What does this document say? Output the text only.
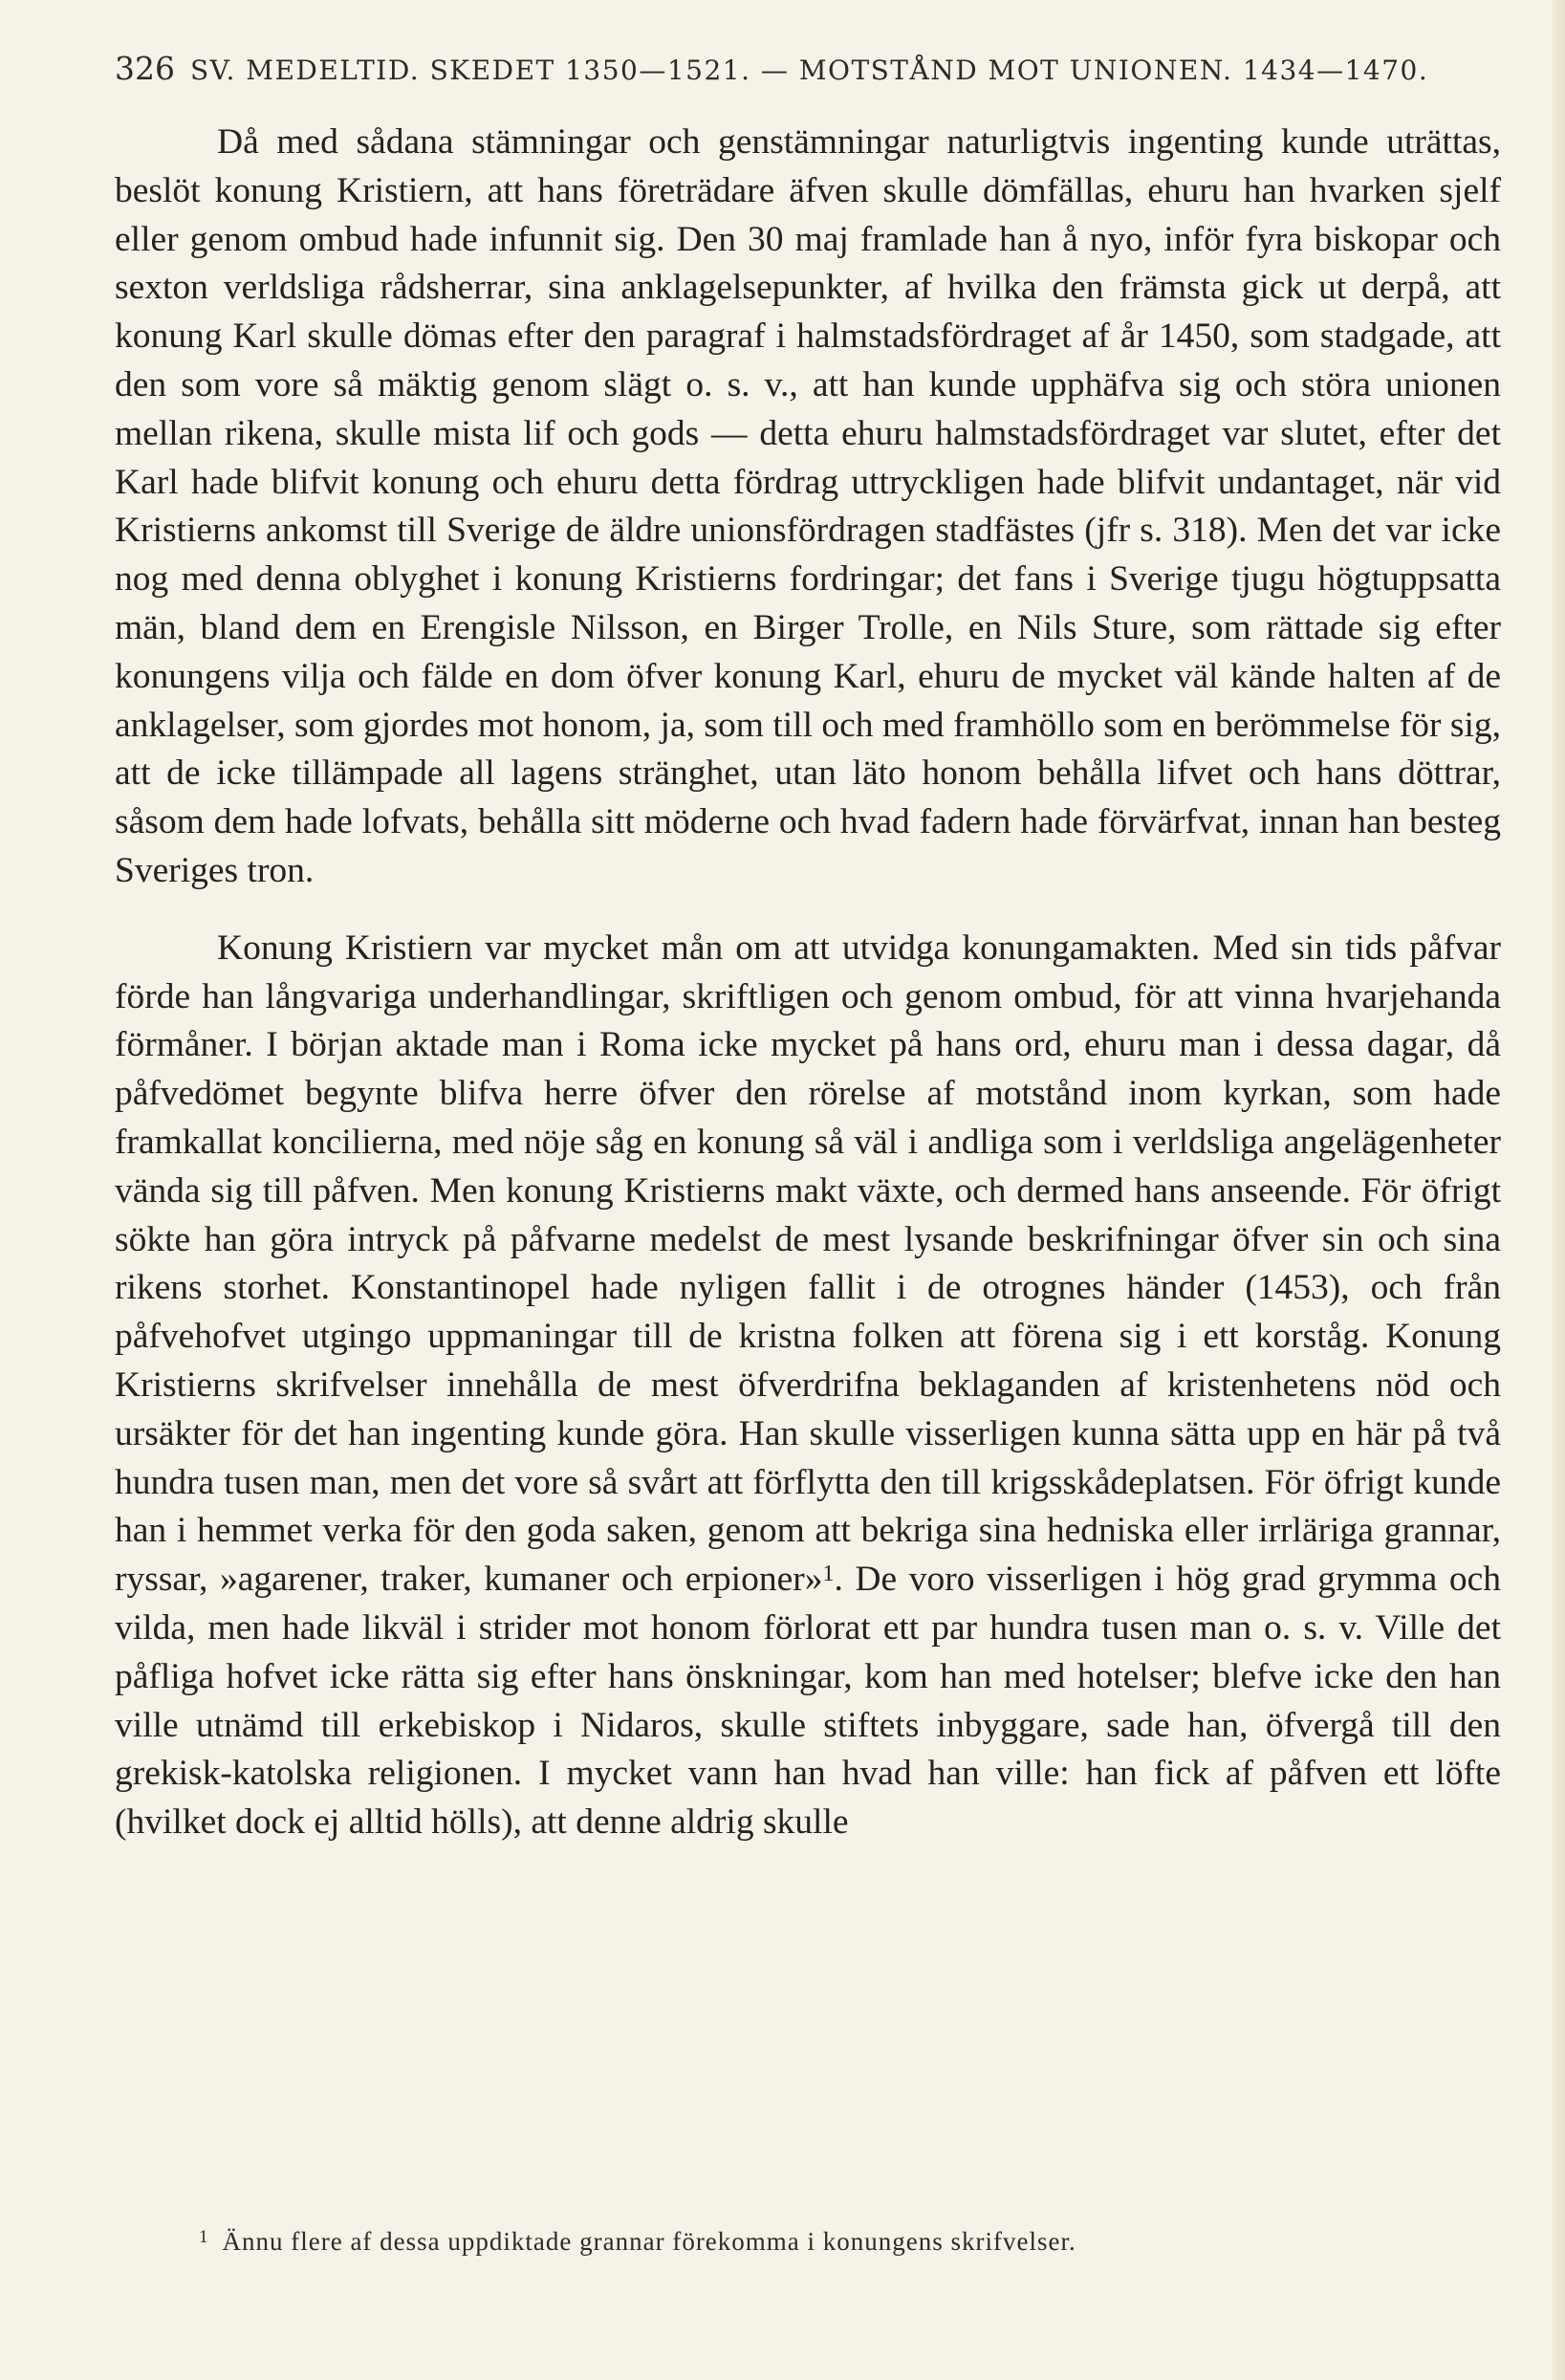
326 SV. MEDELTID. SKEDET 1350—1521. — MOTSTÅND MOT UNIONEN. 1434—1470.

Då med sådana stämningar och genstämningar naturligtvis ingenting kunde uträttas, beslöt konung Kristiern, att hans företrädare äfven skulle dömfällas, ehuru han hvarken sjelf eller genom ombud hade infunnit sig. Den 30 maj framlade han å nyo, inför fyra biskopar och sexton verldsliga rådsherrar, sina anklagelsepunkter, af hvilka den främsta gick ut derpå, att konung Karl skulle dömas efter den paragraf i halmstadsfördraget af år 1450, som stadgade, att den som vore så mäktig genom slägt o. s. v., att han kunde upphäfva sig och störa unionen mellan rikena, skulle mista lif och gods — detta ehuru halmstadsfördraget var slutet, efter det Karl hade blifvit konung och ehuru detta fördrag uttryckligen hade blifvit undantaget, när vid Kristierns ankomst till Sverige de äldre unionsfördragen stadfästes (jfr s. 318). Men det var icke nog med denna oblyghet i konung Kristierns fordringar; det fans i Sverige tjugu högtuppsatta män, bland dem en Erengisle Nilsson, en Birger Trolle, en Nils Sture, som rättade sig efter konungens vilja och fälde en dom öfver konung Karl, ehuru de mycket väl kände halten af de anklagelser, som gjordes mot honom, ja, som till och med framhöllo som en berömmelse för sig, att de icke tillämpade all lagens stränghet, utan läto honom behålla lifvet och hans döttrar, såsom dem hade lofvats, behålla sitt möderne och hvad fadern hade förvärfvat, innan han besteg Sveriges tron.

Konung Kristiern var mycket mån om att utvidga konungamakten. Med sin tids påfvar förde han långvariga underhandlingar, skriftligen och genom ombud, för att vinna hvarjehanda förmåner. I början aktade man i Roma icke mycket på hans ord, ehuru man i dessa dagar, då påfvedömet begynte blifva herre öfver den rörelse af motstånd inom kyrkan, som hade framkallat koncilierna, med nöje såg en konung så väl i andliga som i verldsliga angelägenheter vända sig till påfven. Men konung Kristierns makt växte, och dermed hans anseende. För öfrigt sökte han göra intryck på påfvarne medelst de mest lysande beskrifningar öfver sin och sina rikens storhet. Konstantinopel hade nyligen fallit i de otrognes händer (1453), och från påfvehofvet utgingo uppmaningar till de kristna folken att förena sig i ett korståg. Konung Kristierns skrifvelser innehålla de mest öfverdrifna beklaganden af kristenhetens nöd och ursäkter för det han ingenting kunde göra. Han skulle visserligen kunna sätta upp en här på två hundra tusen man, men det vore så svårt att förflytta den till krigsskådeplatsen. För öfrigt kunde han i hemmet verka för den goda saken, genom att bekriga sina hedniska eller irrläriga grannar, ryssar, »agarener, traker, kumaner och erpioner»$^1$. De voro visserligen i hög grad grymma och vilda, men hade likväl i strider mot honom förlorat ett par hundra tusen man o. s. v. Ville det påfliga hofvet icke rätta sig efter hans önskningar, kom han med hotelser; blefve icke den han ville utnämd till erkebiskop i Nidaros, skulle stiftets inbyggare, sade han, öfvergå till den grekisk-katolska religionen. I mycket vann han hvad han ville: han fick af påfven ett löfte (hvilket dock ej alltid hölls), att denne aldrig skulle

$^1$ Ännu flere af dessa uppdiktade grannar förekomma i konungens skrifvelser.
